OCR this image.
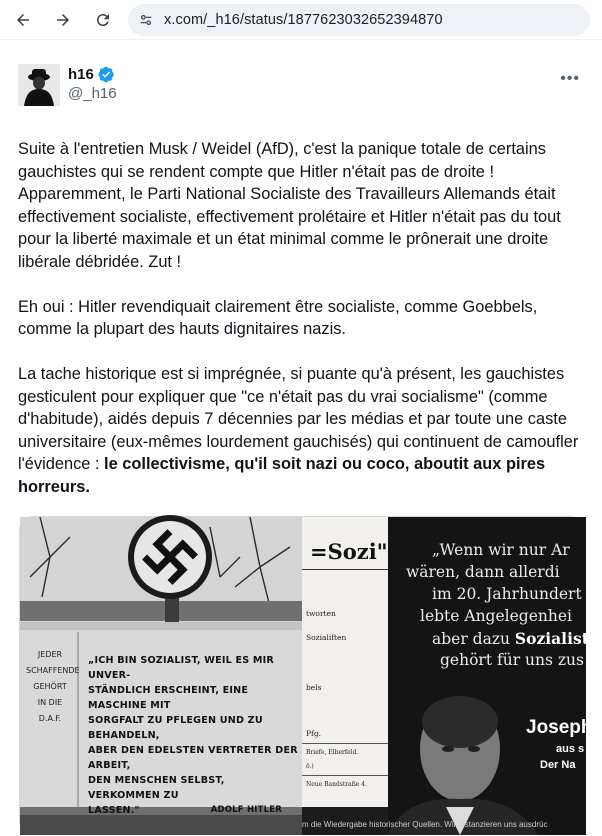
x.com/_h16/status/1877623032652394870
h16
@_h16
•••

Suite à l'entretien Musk / Weidel (AfD), c'est la panique totale de certains gauchistes qui se rendent compte que Hitler n'était pas de droite ! Apparemment, le Parti National Socialiste des Travailleurs Allemands était effectivement socialiste, effectivement prolétaire et Hitler n'était pas du tout pour la liberté maximale et un état minimal comme le prônerait une droite libérale débridée. Zut !

Eh oui : Hitler revendiquait clairement être socialiste, comme Goebbels, comme la plupart des hauts dignitaires nazis.

La tache historique est si imprégnée, si puante qu'à présent, les gauchistes gesticulent pour expliquer que "ce n'était pas du vrai socialisme" (comme d'habitude), aidés depuis 7 décennies par les médias et par toute une caste universitaire (eux-mêmes lourdement gauchisés) qui continuent de camoufler l'évidence : le collectivisme, qu'il soit nazi ou coco, aboutit aux pires horreurs.

JEDER
SCHAFFENDE
GEHÖRT
IN DIE
D.A.F.
„ICH BIN SOZIALIST, WEIL ES MIR UNVER-
STÄNDLICH ERSCHEINT, EINE MASCHINE MIT
SORGFALT ZU PFLEGEN UND ZU BEHANDELN,
ABER DEN EDELSTEN VERTRETER DER ARBEIT,
DEN MENSCHEN SELBST, VERKOMMEN ZU
LASSEN."	ADOLF HITLER
=Sozi"
tworten
Sozialiften
bels
Pfg.
Briefe, Elberfeld.
ö.)
Neue Bandstraße 4.
„Wenn wir nur Ar
wären, dann allerdi
im 20. Jahrhundert
lebte Angelegenhei
aber dazu Sozialist
gehört für uns zus
Joseph
aus s
Der Na
m die Wiedergabe historischer Quellen. Wir distanzieren uns ausdrüc
